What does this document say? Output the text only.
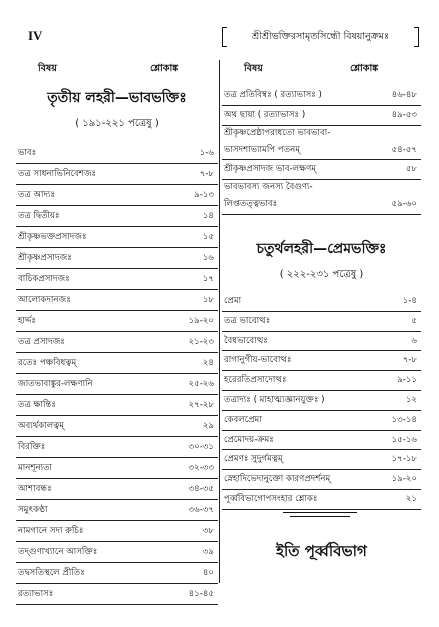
IV	শ্রীশ্রীভক্তিরসামৃতসিন্ধৌ বিষয়ানুক্রমঃ
বিষয়	শ্লোকাঙ্ক	বিষয়	শ্লোকাঙ্ক
তৃতীয় লহরী—ভাবভক্তিঃ
( ১৯১-২২১ পত্রেষু )
ভাবঃ	১-৬
তত্র সাধনাভিনিবেশজঃ	৭-৮
তত্র আদ্যঃ	৯-১৩
তত্র দ্বিতীয়ঃ	১৪
শ্রীকৃষ্ণভক্তপ্রসাদজঃ	১৫
শ্রীকৃষ্ণপ্রসাদজঃ	১৬
বাচিকপ্রসাদজঃ	১৭
আলোকদানজঃ	১৮
হার্দ্দঃ	১৯-২০
তত্র প্রসাদজঃ	২১-২৩
রতেঃ পঞ্চবিধত্বম্	২৪
জাতভাবাঙ্কুর-লক্ষণানি	২৫-২৬
তত্র ক্ষান্তিঃ	২৭-২৮
অব্যর্থকালত্বম্	২৯
বিরক্তিঃ	৩০-৩১
মানশূন্যতা	৩২-৩৩
আশাবন্ধঃ	৩৪-৩৫
সমুৎকণ্ঠা	৩৬-৩৭
নামগানে সদা রুচিঃ	৩৮
তদ্গুণাখ্যানে আসক্তিঃ	৩৯
তদ্বসতিস্থলে প্রীতিঃ	৪০
রত্যাভাসঃ	৪১-৪৫
তত্র প্রতিবিম্বঃ ( রত্যাভাসঃ )	৪৬-৪৮
অথ ছায়া ( রত্যাভাসঃ )	৪৯-৫৩
শ্রীকৃষ্ণপ্রেষ্ঠাপরাধতো ভাবভাবা-
ভাসদশাভ্যামপি পতনম্	৫৪-৫৭
শ্রীকৃষ্ণপ্রসাদজ ভাব-লক্ষণম্	৫৮
ভাবভাবস্য জনস্য বৈগুণ্য-
লিপ্ততত্ত্বভাবঃ	৫৯-৬০
চতুর্থলহরী—প্রেমভক্তিঃ
( ২২২-২৩১ পত্রেষু )
প্রেমা	১-৪
তত্র ভাবোত্থঃ	৫
বৈধভাবোত্থঃ	৬
রাগানুগীয়-ভাবোত্থঃ	৭-৮
হরেরতিপ্রসাদোত্থঃ	৯-১১
তত্রাদ্যঃ ( মাহাত্ম্যজ্ঞানযুক্তঃ )	১২
কেবলপ্রেমা	১৩-১৪
প্রেমোদয়-ক্রমঃ	১৫-১৬
প্রেমণঃ সুদুর্গমত্বম্	১৭-১৮
স্নেহাদিভেদানুক্তো কারণপ্রদর্শনম্	১৯-২০
পূর্ব্ববিভাগোপসংহার শ্লোকঃ	২১
ইতি পূর্ব্ববিভাগ
